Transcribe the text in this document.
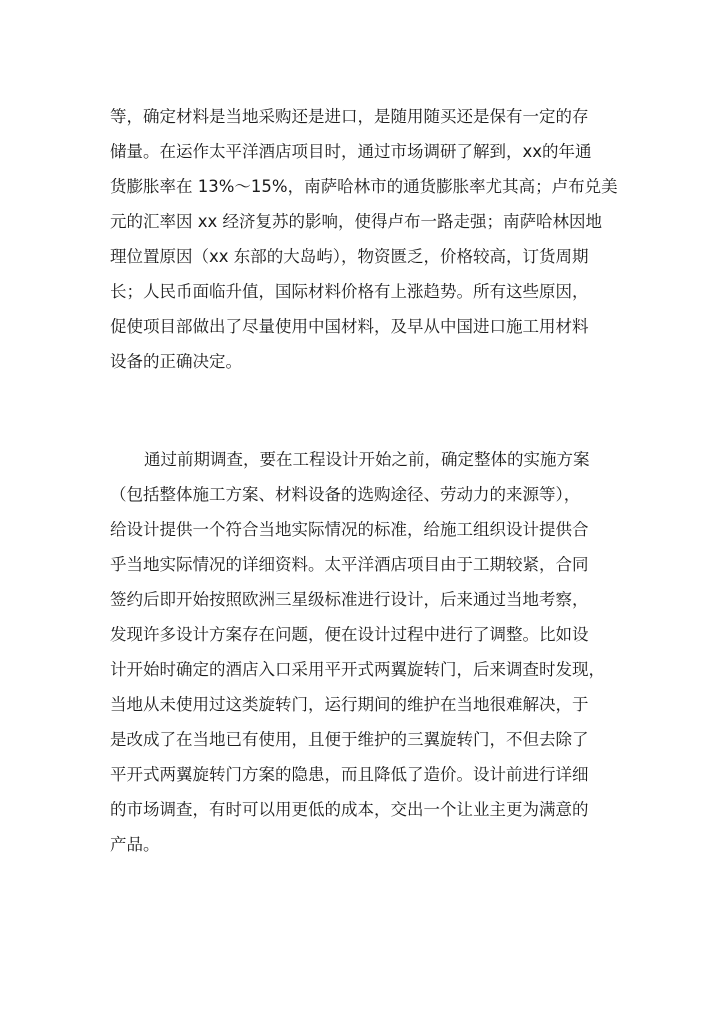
等，确定材料是当地采购还是进口，是随用随买还是保有一定的存
储量。在运作太平洋酒店项目时，通过市场调研了解到，xx的年通
货膨胀率在 13%～15%，南萨哈林市的通货膨胀率尤其高；卢布兑美
元的汇率因 xx 经济复苏的影响，使得卢布一路走强；南萨哈林因地
理位置原因（xx 东部的大岛屿），物资匮乏，价格较高，订货周期
长；人民币面临升值，国际材料价格有上涨趋势。所有这些原因，
促使项目部做出了尽量使用中国材料，及早从中国进口施工用材料
设备的正确决定。
通过前期调查，要在工程设计开始之前，确定整体的实施方案
（包括整体施工方案、材料设备的选购途径、劳动力的来源等），
给设计提供一个符合当地实际情况的标准，给施工组织设计提供合
乎当地实际情况的详细资料。太平洋酒店项目由于工期较紧，合同
签约后即开始按照欧洲三星级标准进行设计，后来通过当地考察，
发现许多设计方案存在问题，便在设计过程中进行了调整。比如设
计开始时确定的酒店入口采用平开式两翼旋转门，后来调查时发现，
当地从未使用过这类旋转门，运行期间的维护在当地很难解决，于
是改成了在当地已有使用，且便于维护的三翼旋转门，不但去除了
平开式两翼旋转门方案的隐患，而且降低了造价。设计前进行详细
的市场调查，有时可以用更低的成本，交出一个让业主更为满意的
产品。
